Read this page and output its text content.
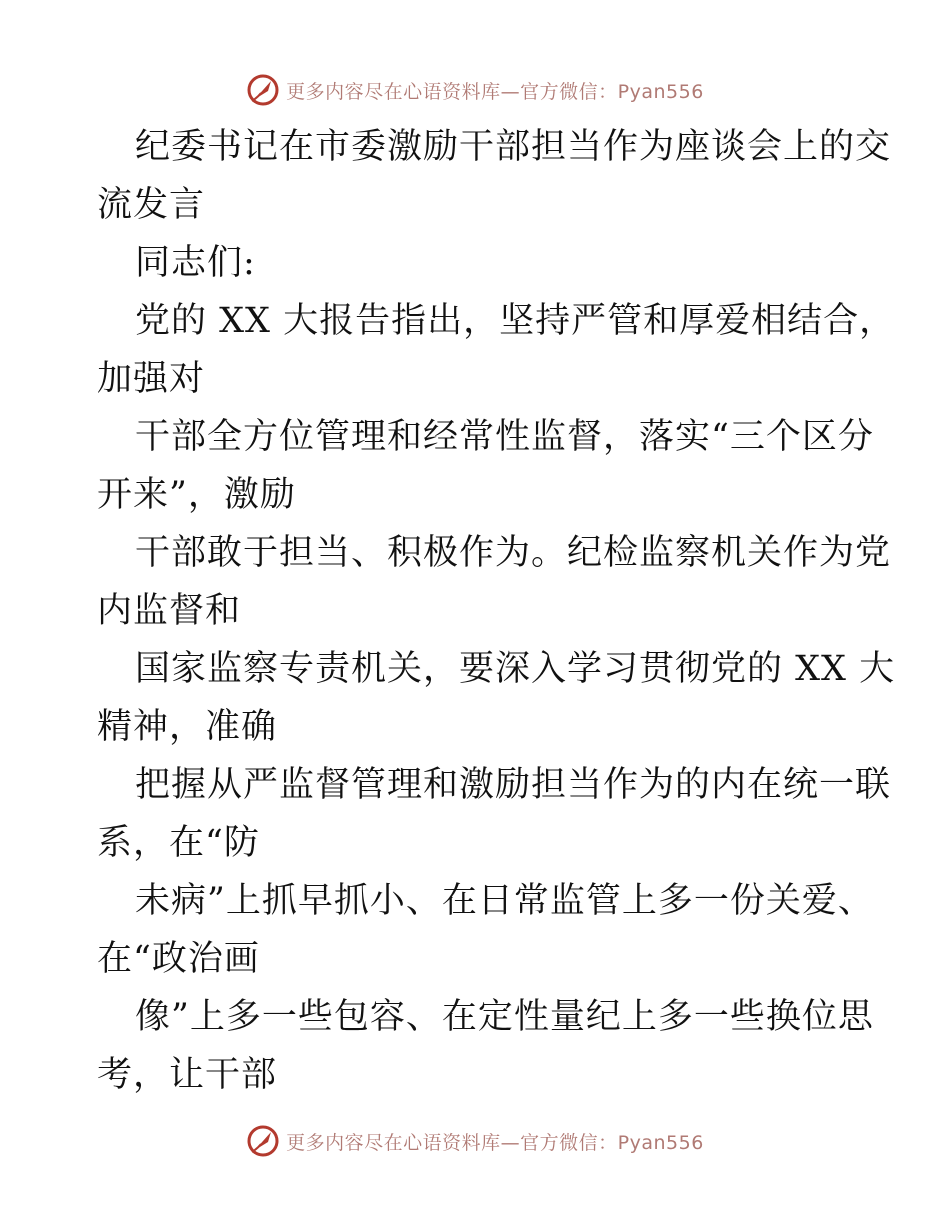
更多内容尽在心语资料库—官方微信：Pyan556
纪委书记在市委激励干部担当作为座谈会上的交
流发言
同志们:
党的 XX 大报告指出，坚持严管和厚爱相结合，
加强对
干部全方位管理和经常性监督，落实“三个区分
开来”，激励
干部敢于担当、积极作为。纪检监察机关作为党
内监督和
国家监察专责机关，要深入学习贯彻党的 XX 大
精神，准确
把握从严监督管理和激励担当作为的内在统一联
系，在“防
未病”上抓早抓小、在日常监管上多一份关爱、
在“政治画
像”上多一些包容、在定性量纪上多一些换位思
考，让干部
更多内容尽在心语资料库—官方微信：Pyan556
